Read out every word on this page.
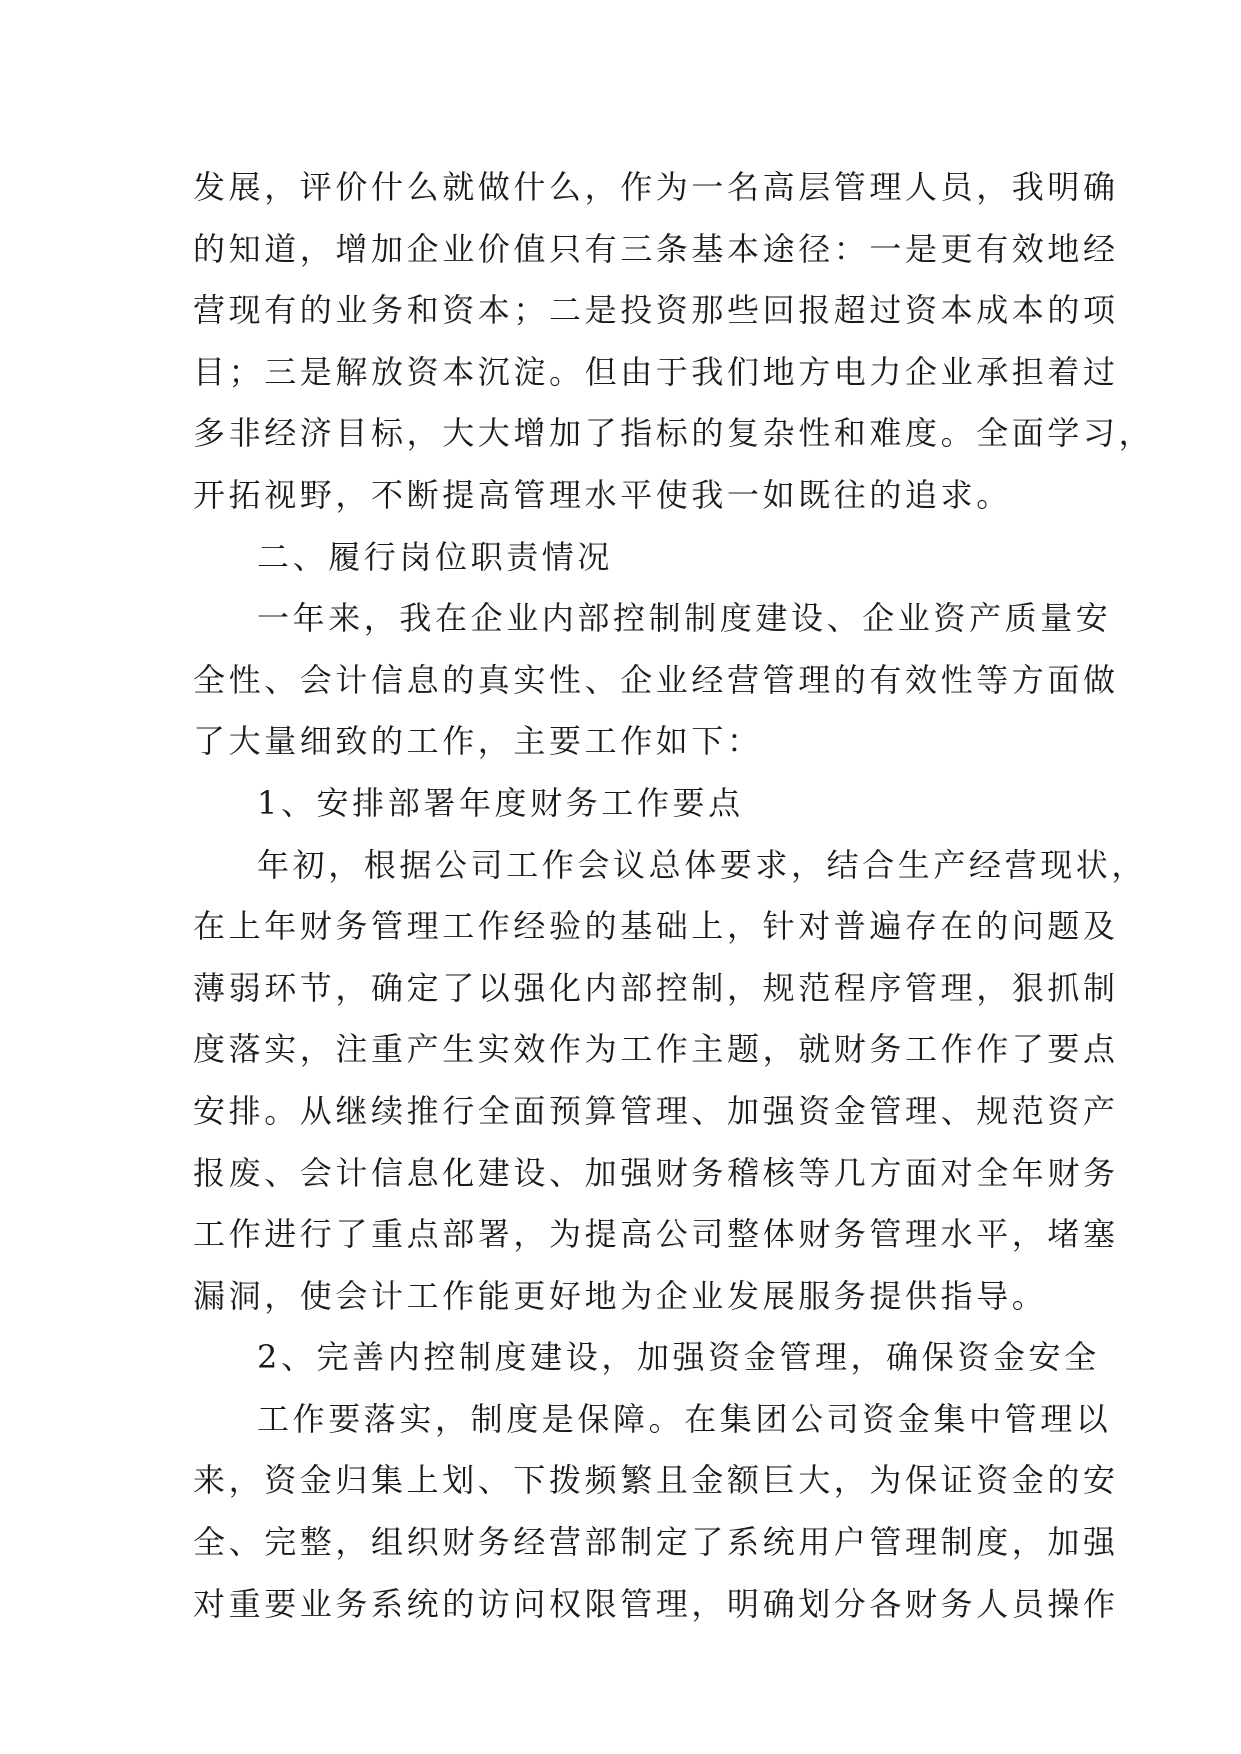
发展，评价什么就做什么，作为一名高层管理人员，我明确
的知道，增加企业价值只有三条基本途径：一是更有效地经
营现有的业务和资本；二是投资那些回报超过资本成本的项
目；三是解放资本沉淀。但由于我们地方电力企业承担着过
多非经济目标，大大增加了指标的复杂性和难度。全面学习，
开拓视野，不断提高管理水平使我一如既往的追求。
二、履行岗位职责情况
一年来，我在企业内部控制制度建设、企业资产质量安
全性、会计信息的真实性、企业经营管理的有效性等方面做
了大量细致的工作，主要工作如下：
1、安排部署年度财务工作要点
年初，根据公司工作会议总体要求，结合生产经营现状，
在上年财务管理工作经验的基础上，针对普遍存在的问题及
薄弱环节，确定了以强化内部控制，规范程序管理，狠抓制
度落实，注重产生实效作为工作主题，就财务工作作了要点
安排。从继续推行全面预算管理、加强资金管理、规范资产
报废、会计信息化建设、加强财务稽核等几方面对全年财务
工作进行了重点部署，为提高公司整体财务管理水平，堵塞
漏洞，使会计工作能更好地为企业发展服务提供指导。
2、完善内控制度建设，加强资金管理，确保资金安全
工作要落实，制度是保障。在集团公司资金集中管理以
来，资金归集上划、下拨频繁且金额巨大，为保证资金的安
全、完整，组织财务经营部制定了系统用户管理制度，加强
对重要业务系统的访问权限管理，明确划分各财务人员操作
